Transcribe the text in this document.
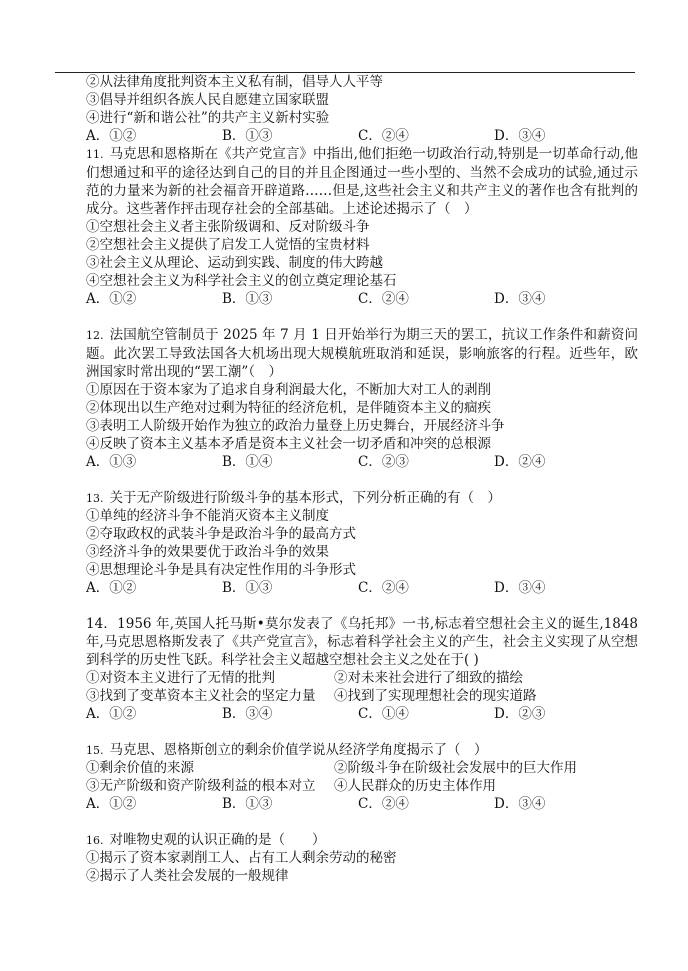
②从法律角度批判资本主义私有制，倡导人人平等
③倡导并组织各族人民自愿建立国家联盟
④进行“新和谐公社”的共产主义新村实验
A．①②	B．①③	C．②④	D．③④
11. 马克思和恩格斯在《共产党宣言》中指出,他们拒绝一切政治行动,特别是一切革命行动,他们想通过和平的途径达到自己的目的并且企图通过一些小型的、当然不会成功的试验,通过示范的力量来为新的社会福音开辟道路……但是,这些社会主义和共产主义的著作也含有批判的成分。这些著作抨击现存社会的全部基础。上述论述揭示了（　）
①空想社会主义者主张阶级调和、反对阶级斗争
②空想社会主义提供了启发工人觉悟的宝贵材料
③社会主义从理论、运动到实践、制度的伟大跨越
④空想社会主义为科学社会主义的创立奠定理论基石
A．①②	B．①③	C．②④	D．③④
12. 法国航空管制员于 2025 年 7 月 1 日开始举行为期三天的罢工，抗议工作条件和薪资问题。此次罢工导致法国各大机场出现大规模航班取消和延误，影响旅客的行程。近些年，欧洲国家时常出现的“罢工潮”（　）
①原因在于资本家为了追求自身利润最大化，不断加大对工人的剥削
②体现出以生产绝对过剩为特征的经济危机，是伴随资本主义的痼疾
③表明工人阶级开始作为独立的政治力量登上历史舞台，开展经济斗争
④反映了资本主义基本矛盾是资本主义社会一切矛盾和冲突的总根源
A．①③	B．①④	C．②③	D．②④
13. 关于无产阶级进行阶级斗争的基本形式，下列分析正确的有（　）
①单纯的经济斗争不能消灭资本主义制度
②夺取政权的武装斗争是政治斗争的最高方式
③经济斗争的效果要优于政治斗争的效果
④思想理论斗争是具有决定性作用的斗争形式
A．①②	B．①③	C．②④	D．③④
14．1956 年,英国人托马斯•莫尔发表了《乌托邦》一书,标志着空想社会主义的诞生,1848 年,马克思恩格斯发表了《共产党宣言》，标志着科学社会主义的产生，社会主义实现了从空想到科学的历史性飞跃。科学社会主义超越空想社会主义之处在于( )
①对资本主义进行了无情的批判	②对未来社会进行了细致的描绘
③找到了变革资本主义社会的坚定力量	④找到了实现理想社会的现实道路
A．①②	B．③④	C．①④	D．②③
15. 马克思、恩格斯创立的剩余价值学说从经济学角度揭示了（　）
①剩余价值的来源	②阶级斗争在阶级社会发展中的巨大作用
③无产阶级和资产阶级利益的根本对立	④人民群众的历史主体作用
A．①②	B．①③	C．②④	D．③④
16. 对唯物史观的认识正确的是（　　）
①揭示了资本家剥削工人、占有工人剩余劳动的秘密
②揭示了人类社会发展的一般规律
